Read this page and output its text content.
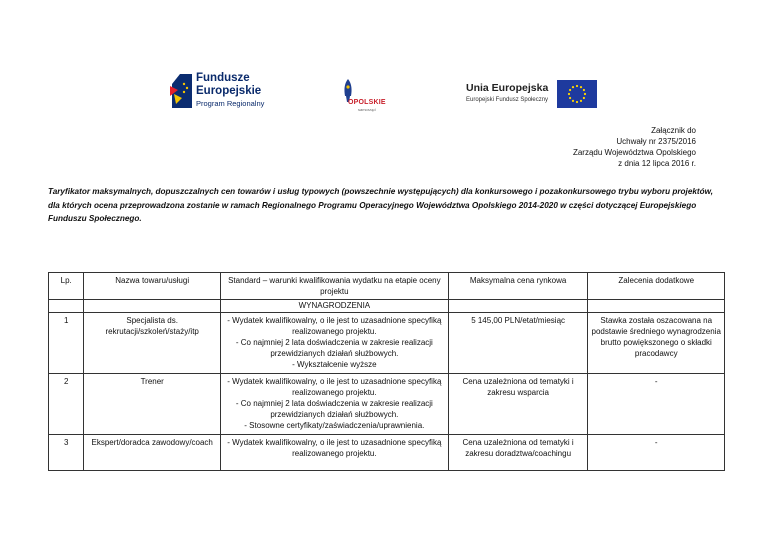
Fundusze
Europejskie
Program Regionalny	OPOLSKIE
samorząd
Unia Europejska
Europejski Fundusz Społeczny
Załącznik do
Uchwały nr 2375/2016
Zarządu Województwa Opolskiego
z dnia 12 lipca 2016 r.
Taryfikator maksymalnych, dopuszczalnych cen towarów i usług typowych (powszechnie występujących) dla konkursowego i pozakonkursowego trybu wyboru projektów, dla których ocena przeprowadzona zostanie w ramach Regionalnego Programu Operacyjnego Województwa Opolskiego 2014-2020 w części dotyczącej Europejskiego Funduszu Społecznego.
Lp.	Nazwa towaru/usługi	Standard – warunki kwalifikowania wydatku na etapie oceny projektu	Maksymalna cena rynkowa	Zalecenia dodatkowe
		WYNAGRODZENIA		
1	Specjalista ds. rekrutacji/szkoleń/staży/itp	- Wydatek kwalifikowalny, o ile jest to uzasadnione specyfiką realizowanego projektu.
- Co najmniej 2 lata doświadczenia w zakresie realizacji przewidzianych działań służbowych.
- Wykształcenie wyższe	5 145,00 PLN/etat/miesiąc	Stawka została oszacowana na podstawie średniego wynagrodzenia brutto powiększonego o składki pracodawcy
2	Trener	- Wydatek kwalifikowalny, o ile jest to uzasadnione specyfiką realizowanego projektu.
- Co najmniej 2 lata doświadczenia w zakresie realizacji przewidzianych działań służbowych.
- Stosowne certyfikaty/zaświadczenia/uprawnienia.	Cena uzależniona od tematyki i zakresu wsparcia	-
3	Ekspert/doradca zawodowy/coach	- Wydatek kwalifikowalny, o ile jest to uzasadnione specyfiką realizowanego projektu.	Cena uzależniona od tematyki i zakresu doradztwa/coachingu	-
